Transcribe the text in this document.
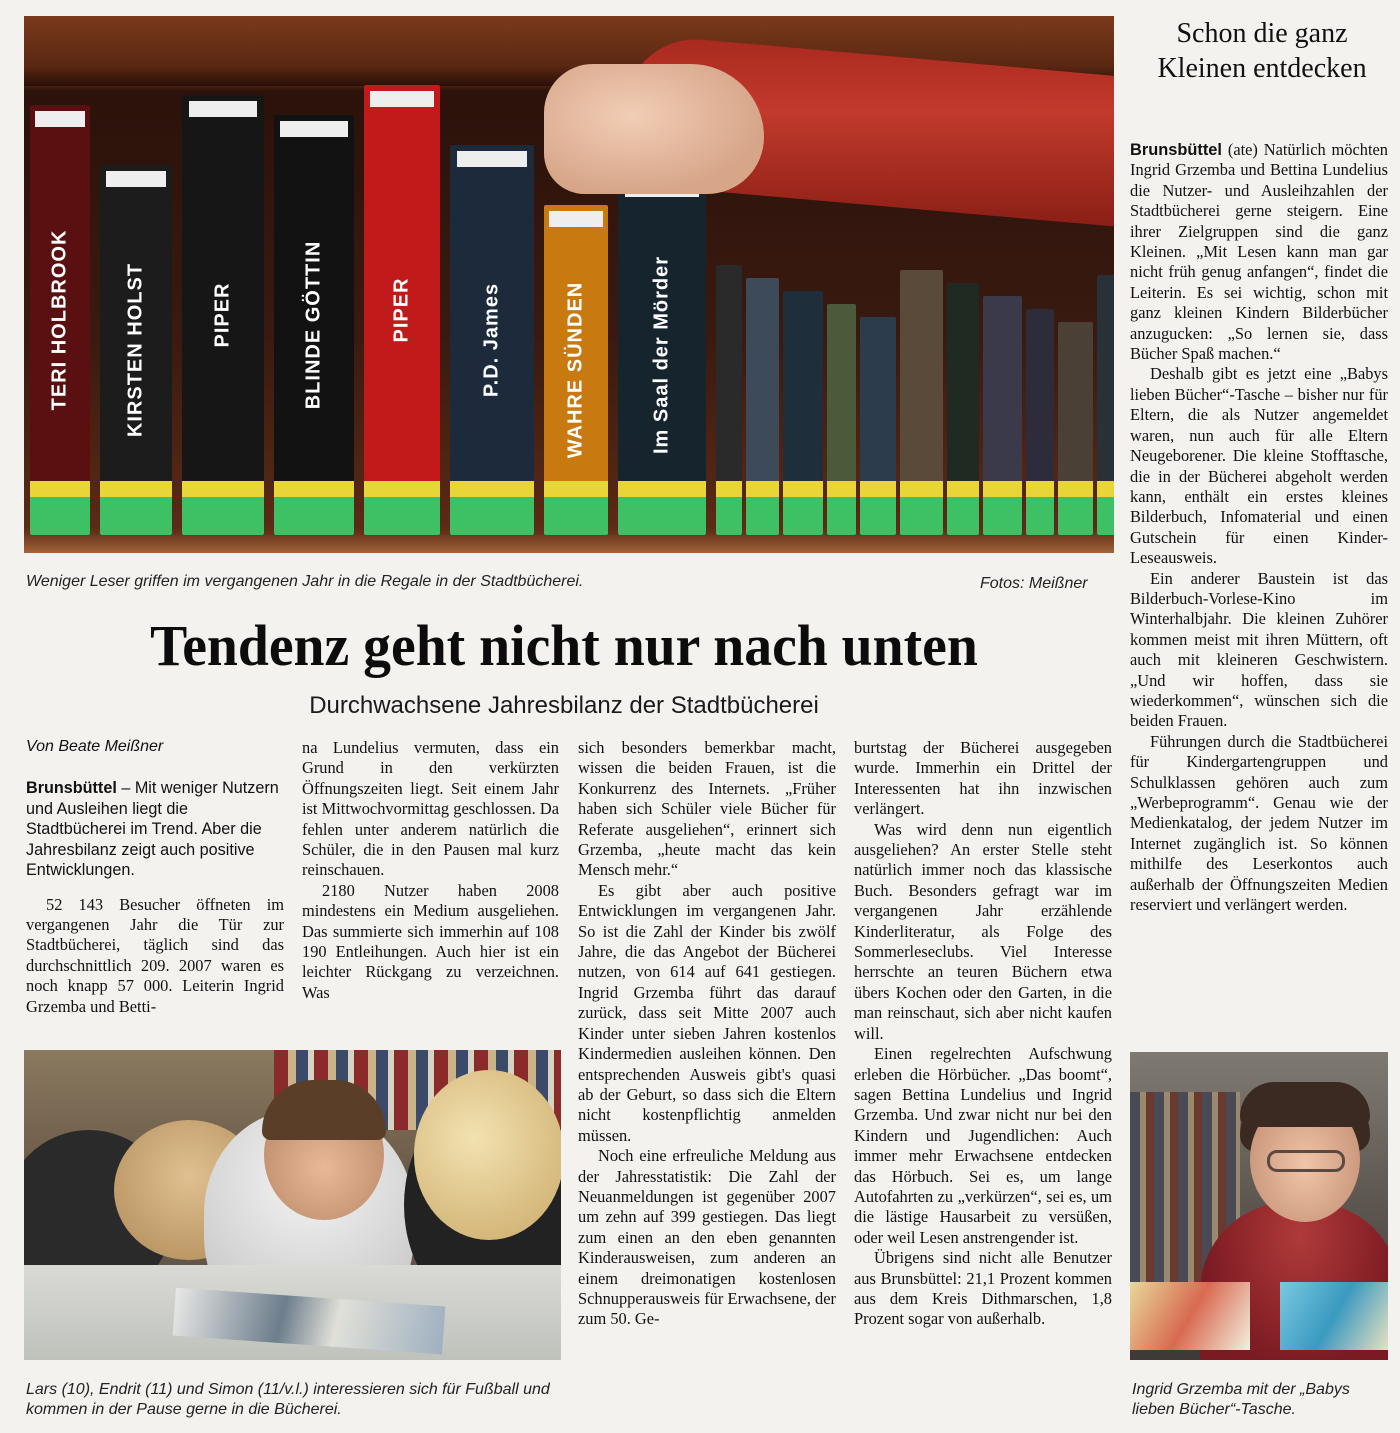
TERI HOLBROOK	KIRSTEN HOLST	PIPER	BLINDE GÖTTIN	PIPER	P.D. James	WAHRE SÜNDEN	Im Saal der Mörder
Weniger Leser griffen im vergangenen Jahr in die Regale in der Stadtbücherei.	Fotos: Meißner
Schon die ganz Kleinen entdecken

Brunsbüttel (ate) Natürlich möchten Ingrid Grzemba und Bettina Lundelius die Nutzer- und Ausleihzahlen der Stadtbücherei gerne steigern. Eine ihrer Zielgruppen sind die ganz Kleinen. „Mit Lesen kann man gar nicht früh genug anfangen“, findet die Leiterin. Es sei wichtig, schon mit ganz kleinen Kindern Bilderbücher anzugucken: „So lernen sie, dass Bücher Spaß machen.“

Deshalb gibt es jetzt eine „Babys lieben Bücher“-Tasche – bisher nur für Eltern, die als Nutzer angemeldet waren, nun auch für alle Eltern Neugeborener. Die kleine Stofftasche, die in der Bücherei abgeholt werden kann, enthält ein erstes kleines Bilderbuch, Infomaterial und einen Gutschein für einen Kinder-Leseausweis.

Ein anderer Baustein ist das Bilderbuch-Vorlese-Kino im Winterhalbjahr. Die kleinen Zuhörer kommen meist mit ihren Müttern, oft auch mit kleineren Geschwistern. „Und wir hoffen, dass sie wiederkommen“, wünschen sich die beiden Frauen.

Führungen durch die Stadtbücherei für Kindergartengruppen und Schulklassen gehören auch zum „Werbeprogramm“. Genau wie der Medienkatalog, der jedem Nutzer im Internet zugänglich ist. So können mithilfe des Leserkontos auch außerhalb der Öffnungszeiten Medien reserviert und verlängert werden.

Tendenz geht nicht nur nach unten
Durchwachsene Jahresbilanz der Stadtbücherei
Von Beate Meißner

Brunsbüttel – Mit weniger Nutzern und Ausleihen liegt die Stadtbücherei im Trend. Aber die Jahresbilanz zeigt auch positive Entwicklungen.

52 143 Besucher öffneten im vergangenen Jahr die Tür zur Stadtbücherei, täglich sind das durchschnittlich 209. 2007 waren es noch knapp 57 000. Leiterin Ingrid Grzemba und Betti-

na Lundelius vermuten, dass ein Grund in den verkürzten Öffnungszeiten liegt. Seit einem Jahr ist Mittwochvormittag geschlossen. Da fehlen unter anderem natürlich die Schüler, die in den Pausen mal kurz reinschauen.

2180 Nutzer haben 2008 mindestens ein Medium ausgeliehen. Das summierte sich immerhin auf 108 190 Entleihungen. Auch hier ist ein leichter Rückgang zu verzeichnen. Was

sich besonders bemerkbar macht, wissen die beiden Frauen, ist die Konkurrenz des Internets. „Früher haben sich Schüler viele Bücher für Referate ausgeliehen“, erinnert sich Grzemba, „heute macht das kein Mensch mehr.“

Es gibt aber auch positive Entwicklungen im vergangenen Jahr. So ist die Zahl der Kinder bis zwölf Jahre, die das Angebot der Bücherei nutzen, von 614 auf 641 gestiegen. Ingrid Grzemba führt das darauf zurück, dass seit Mitte 2007 auch Kinder unter sieben Jahren kostenlos Kindermedien ausleihen können. Den entsprechenden Ausweis gibt's quasi ab der Geburt, so dass sich die Eltern nicht kostenpflichtig anmelden müssen.

Noch eine erfreuliche Meldung aus der Jahresstatistik: Die Zahl der Neuanmeldungen ist gegenüber 2007 um zehn auf 399 gestiegen. Das liegt zum einen an den eben genannten Kinderausweisen, zum anderen an einem dreimonatigen kostenlosen Schnupperausweis für Erwachsene, der zum 50. Ge-

burtstag der Bücherei ausgegeben wurde. Immerhin ein Drittel der Interessenten hat ihn inzwischen verlängert.

Was wird denn nun eigentlich ausgeliehen? An erster Stelle steht natürlich immer noch das klassische Buch. Besonders gefragt war im vergangenen Jahr erzählende Kinderliteratur, als Folge des Sommerleseclubs. Viel Interesse herrschte an teuren Büchern etwa übers Kochen oder den Garten, in die man reinschaut, sich aber nicht kaufen will.

Einen regelrechten Aufschwung erleben die Hörbücher. „Das boomt“, sagen Bettina Lundelius und Ingrid Grzemba. Und zwar nicht nur bei den Kindern und Jugendlichen: Auch immer mehr Erwachsene entdecken das Hörbuch. Sei es, um lange Autofahrten zu „verkürzen“, sei es, um die lästige Hausarbeit zu versüßen, oder weil Lesen anstrengender ist.

Übrigens sind nicht alle Benutzer aus Brunsbüttel: 21,1 Prozent kommen aus dem Kreis Dithmarschen, 1,8 Prozent sogar von außerhalb.

Lars (10), Endrit (11) und Simon (11/v.l.) interessieren sich für Fußball und kommen in der Pause gerne in die Bücherei.
Ingrid Grzemba mit der „Babys lieben Bücher“-Tasche.
